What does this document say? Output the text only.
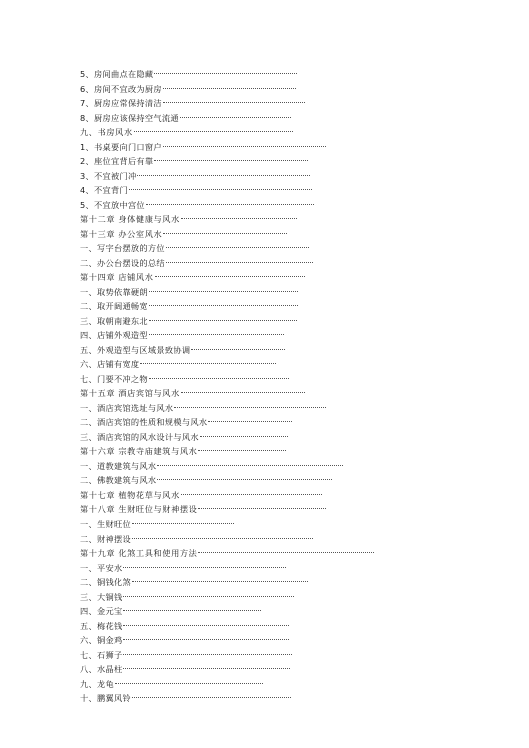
5、房间曲点在隐藏
6、房间不宜改为厨房
7、厨房应常保持清洁
8、厨房应该保持空气流通
九、书房风水
1、书桌要向门口窗户
2、座位宜背后有靠
3、不宜被门冲
4、不宜背门
5、不宜放中宫位
第十二章 身体健康与风水
第十三章 办公室风水
一、写字台摆放的方位
二、办公台摆设的总结
第十四章 店铺风水
一、取势依靠硬朗
二、取开阔通畅宽
三、取朝南避东北
四、店铺外观造型
五、外观造型与区域景致协调
六、店铺有宽度
七、门要不冲之物
第十五章 酒店宾馆与风水
一、酒店宾馆选址与风水
二、酒店宾馆的性质和规模与风水
三、酒店宾馆的风水设计与风水
第十六章 宗教寺庙建筑与风水
一、道教建筑与风水
二、佛教建筑与风水
第十七章 植物花草与风水
第十八章 生财旺位与财神摆设
一、生财旺位
二、财神摆设
第十九章 化煞工具和使用方法
一、平安水
二、铜钱化煞
三、大铜钱
四、金元宝
五、梅花钱
六、铜金鸡
七、石狮子
八、水晶柱
九、龙龟
十、鹏翼风铃
